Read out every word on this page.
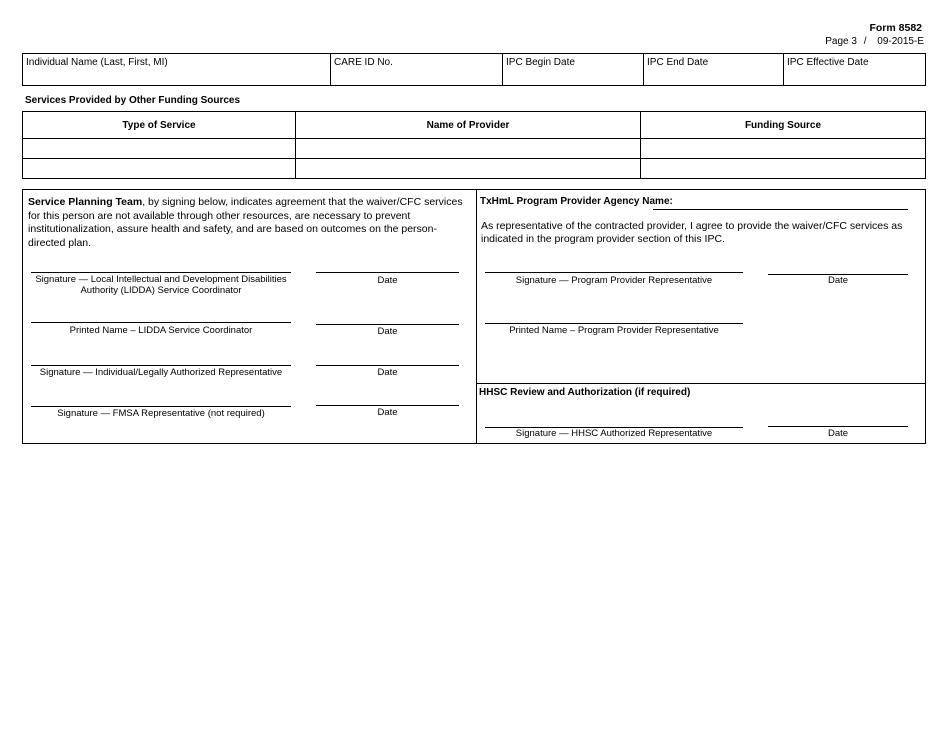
Form 8582
Page 3 / 09-2015-E
Individual Name (Last, First, MI)	CARE ID No.	IPC Begin Date	IPC End Date	IPC Effective Date
Services Provided by Other Funding Sources
Type of Service	Name of Provider	Funding Source
Service Planning Team, by signing below, indicates agreement that the waiver/CFC services for this person are not available through other resources, are necessary to prevent institutionalization, assure health and safety, and are based on outcomes on the person-directed plan.
Signature — Local Intellectual and Development Disabilities Authority (LIDDA) Service Coordinator
Date
Printed Name – LIDDA Service Coordinator	Date
Signature — Individual/Legally Authorized Representative	Date
Signature — FMSA Representative (not required)	Date
TxHmL Program Provider Agency Name:
As representative of the contracted provider, I agree to provide the waiver/CFC services as indicated in the program provider section of this IPC.
Signature — Program Provider Representative	Date
Printed Name – Program Provider Representative
HHSC Review and Authorization (if required)
Signature — HHSC Authorized Representative	Date
